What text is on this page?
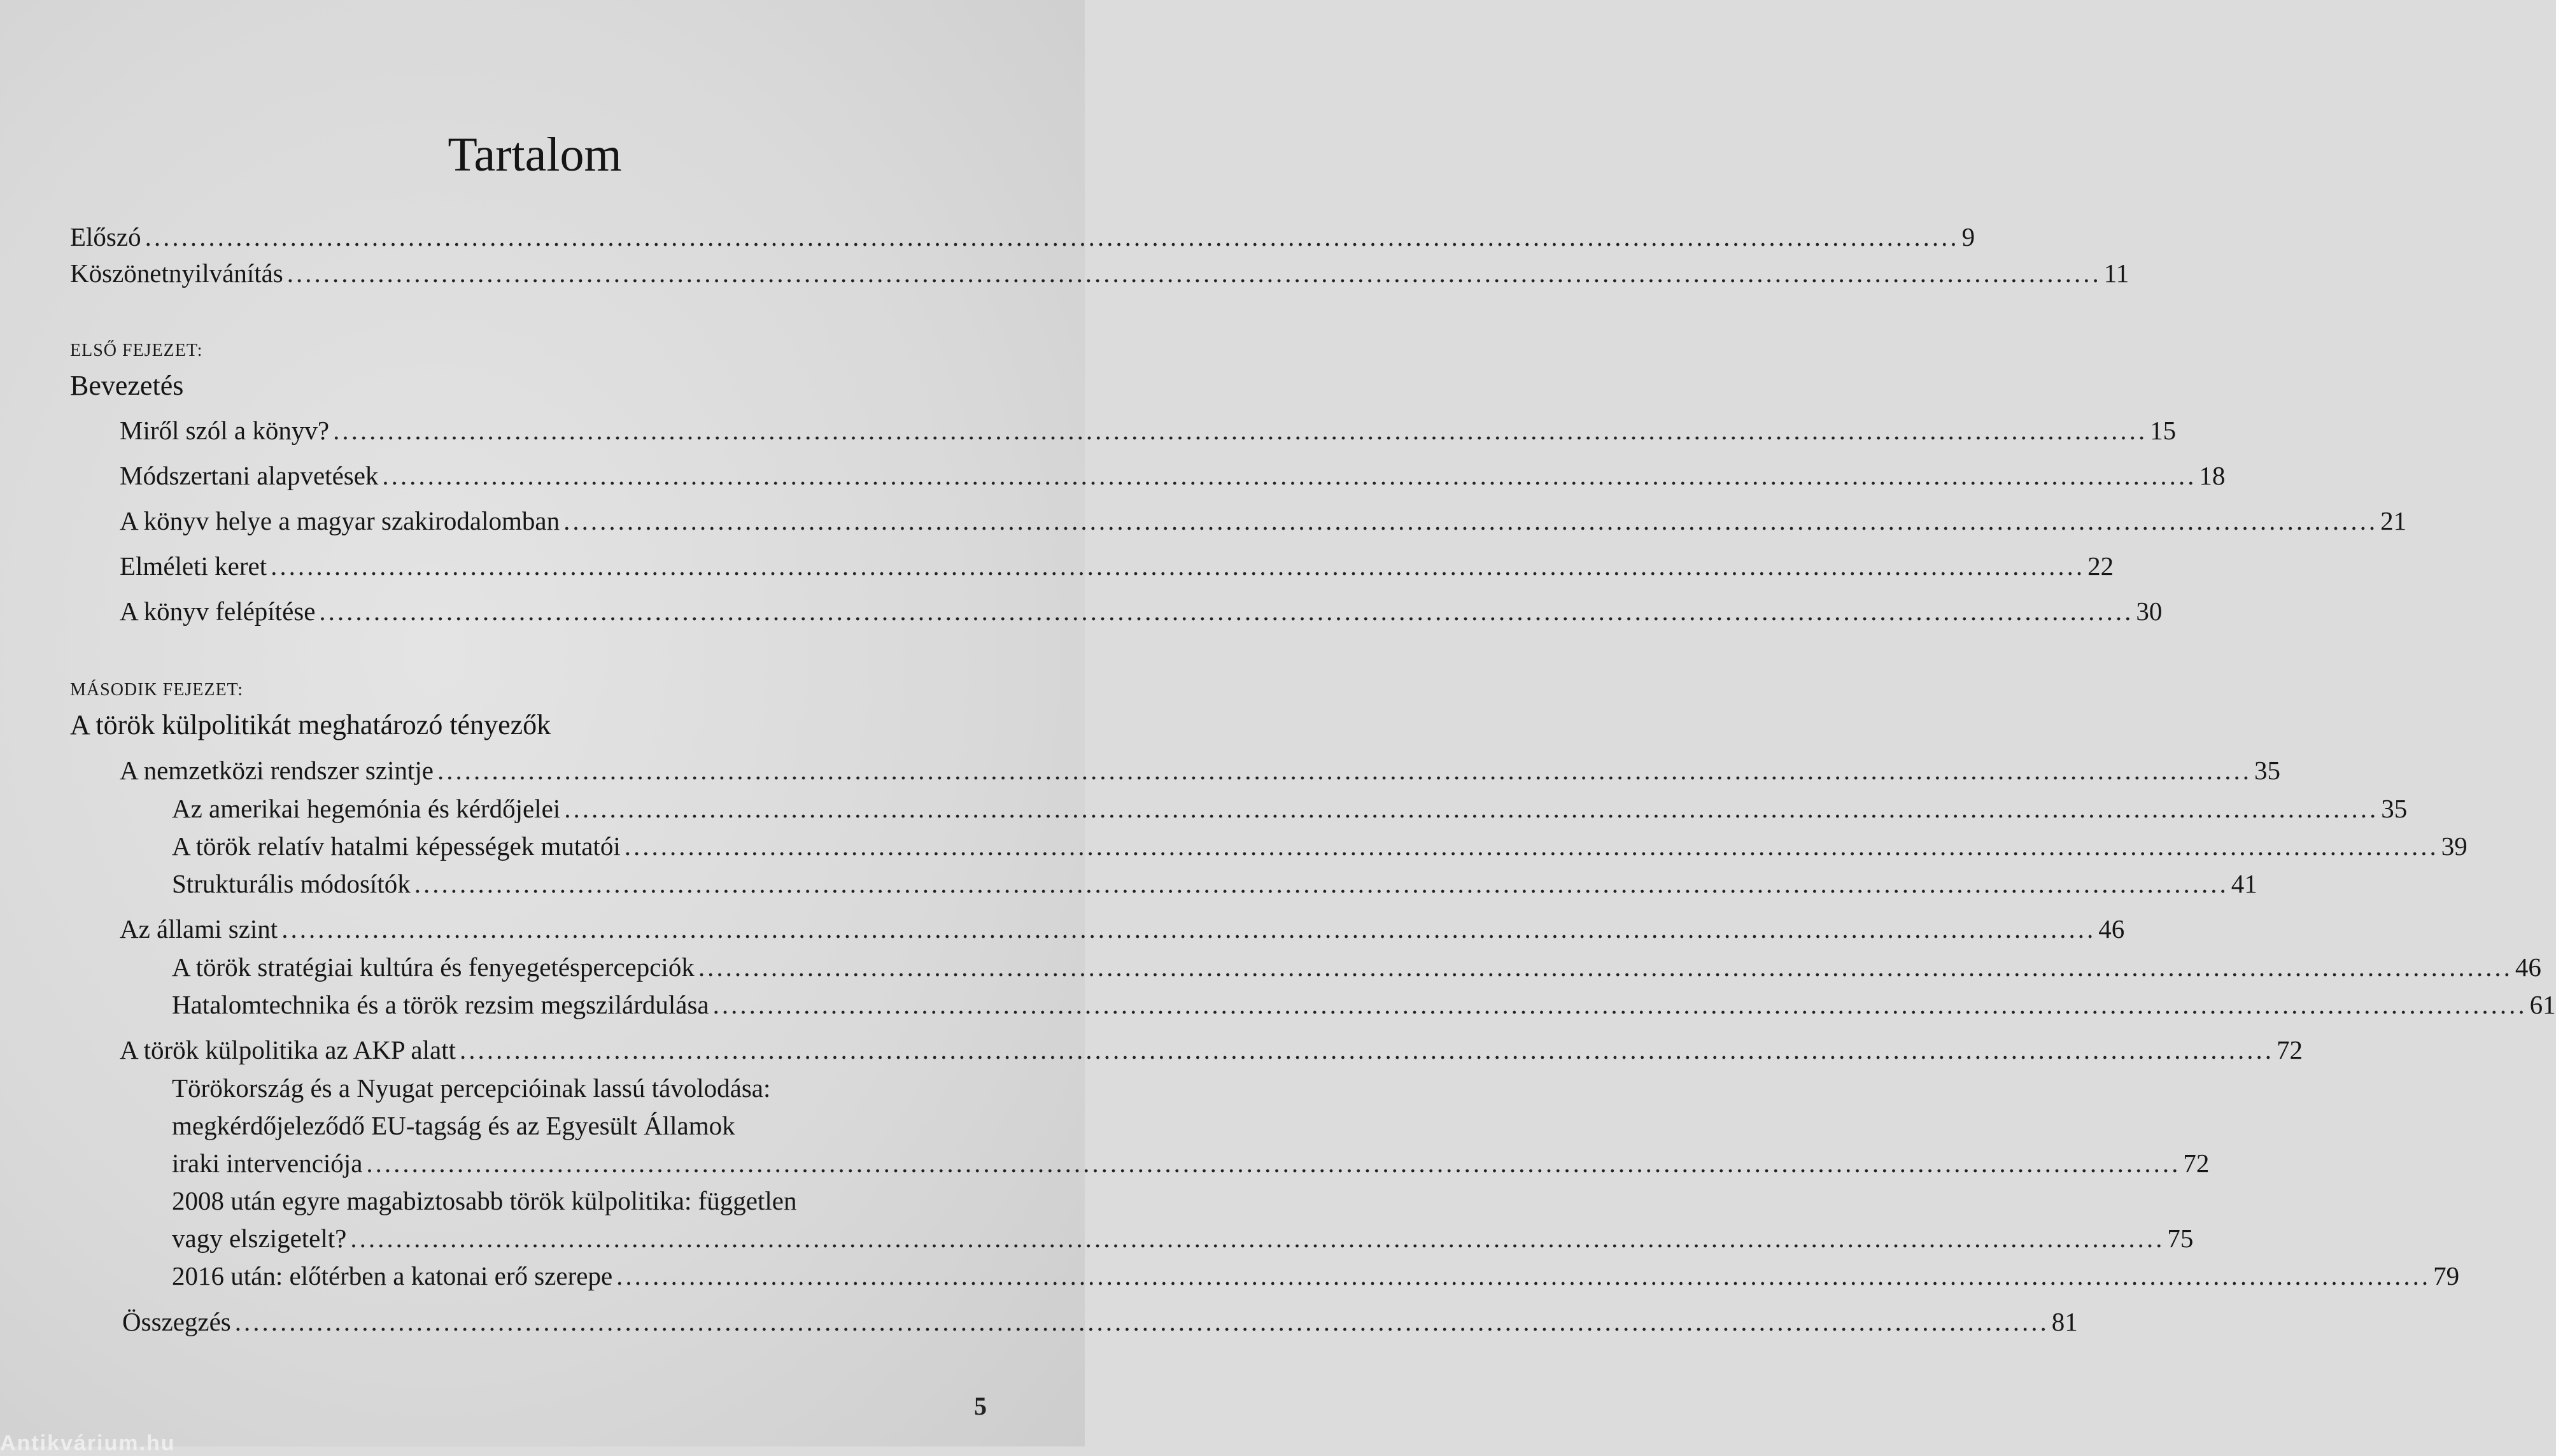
Tartalom
Előszó ........................................................................................................................................................................................................ 9
Köszönetnyilvánítás ........................................................................................................................................................................................................ 11
ELSŐ FEJEZET:
Bevezetés
Miről szól a könyv? ........................................................................................................................................................................................................ 15
Módszertani alapvetések ........................................................................................................................................................................................................ 18
A könyv helye a magyar szakirodalomban ........................................................................................................................................................................................................ 21
Elméleti keret ........................................................................................................................................................................................................ 22
A könyv felépítése ........................................................................................................................................................................................................ 30
MÁSODIK FEJEZET:
A török külpolitikát meghatározó tényezők
A nemzetközi rendszer szintje ........................................................................................................................................................................................................ 35
Az amerikai hegemónia és kérdőjelei ........................................................................................................................................................................................................ 35
A török relatív hatalmi képességek mutatói ........................................................................................................................................................................................................ 39
Strukturális módosítók ........................................................................................................................................................................................................ 41
Az állami szint ........................................................................................................................................................................................................ 46
A török stratégiai kultúra és fenyegetéspercepciók ........................................................................................................................................................................................................ 46
Hatalomtechnika és a török rezsim megszilárdulása ........................................................................................................................................................................................................ 61
A török külpolitika az AKP alatt ........................................................................................................................................................................................................ 72
Törökország és a Nyugat percepcióinak lassú távolodása:
megkérdőjeleződő EU-tagság és az Egyesült Államok
iraki intervenciója ........................................................................................................................................................................................................ 72
2008 után egyre magabiztosabb török külpolitika: független
vagy elszigetelt? ........................................................................................................................................................................................................ 75
2016 után: előtérben a katonai erő szerepe ........................................................................................................................................................................................................ 79
Összegzés ........................................................................................................................................................................................................ 81
5
Antikvárium.hu
